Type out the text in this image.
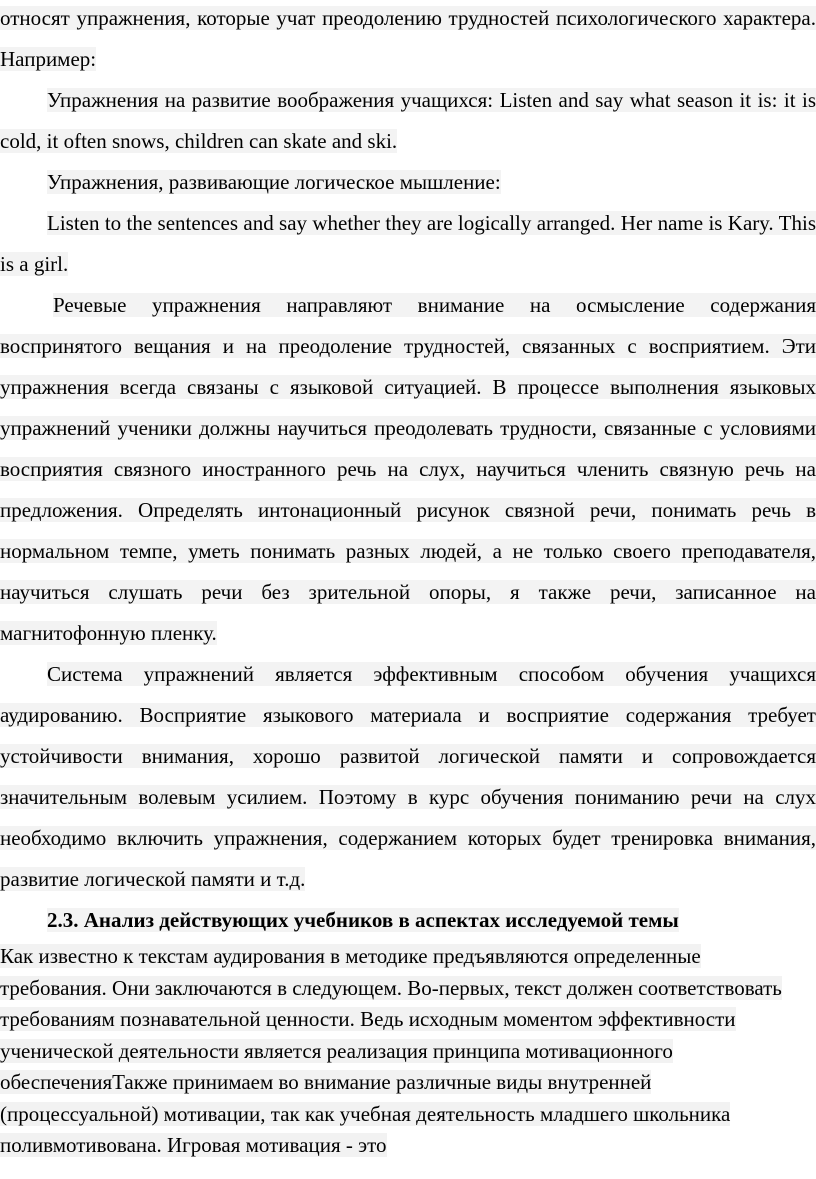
относят упражнения, которые учат преодолению трудностей психологического характера. Например:

Упражнения на развитие воображения учащихся: Listen and say what season it is: it is cold, it often snows, children can skate and ski.

Упражнения, развивающие логическое мышление:

Listen to the sentences and say whether they are logically arranged. Her name is Kary. This is a girl.

Речевые упражнения направляют внимание на осмысление содержания воспринятого вещания и на преодоление трудностей, связанных с восприятием. Эти упражнения всегда связаны с языковой ситуацией. В процессе выполнения языковых упражнений ученики должны научиться преодолевать трудности, связанные с условиями восприятия связного иностранного речь на слух, научиться членить связную речь на предложения. Определять интонационный рисунок связной речи, понимать речь в нормальном темпе, уметь понимать разных людей, а не только своего преподавателя, научиться слушать речи без зрительной опоры, я также речи, записанное на магнитофонную пленку.

Система упражнений является эффективным способом обучения учащихся аудированию. Восприятие языкового материала и восприятие содержания требует устойчивости внимания, хорошо развитой логической памяти и сопровождается значительным волевым усилием. Поэтому в курс обучения пониманию речи на слух необходимо включить упражнения, содержанием которых будет тренировка внимания, развитие логической памяти и т.д.

2.3. Анализ действующих учебников в аспектах исследуемой темы

Как известно к текстам аудирования в методике предъявляются определенные требования. Они заключаются в следующем. Во-первых, текст должен соответствовать требованиям познавательной ценности. Ведь исходным моментом эффективности ученической деятельности является реализация принципа мотивационного обеспеченияТакже принимаем во внимание различные виды внутренней (процессуальной) мотивации, так как учебная деятельность младшего школьника поливмотивована. Игровая мотивация - это
